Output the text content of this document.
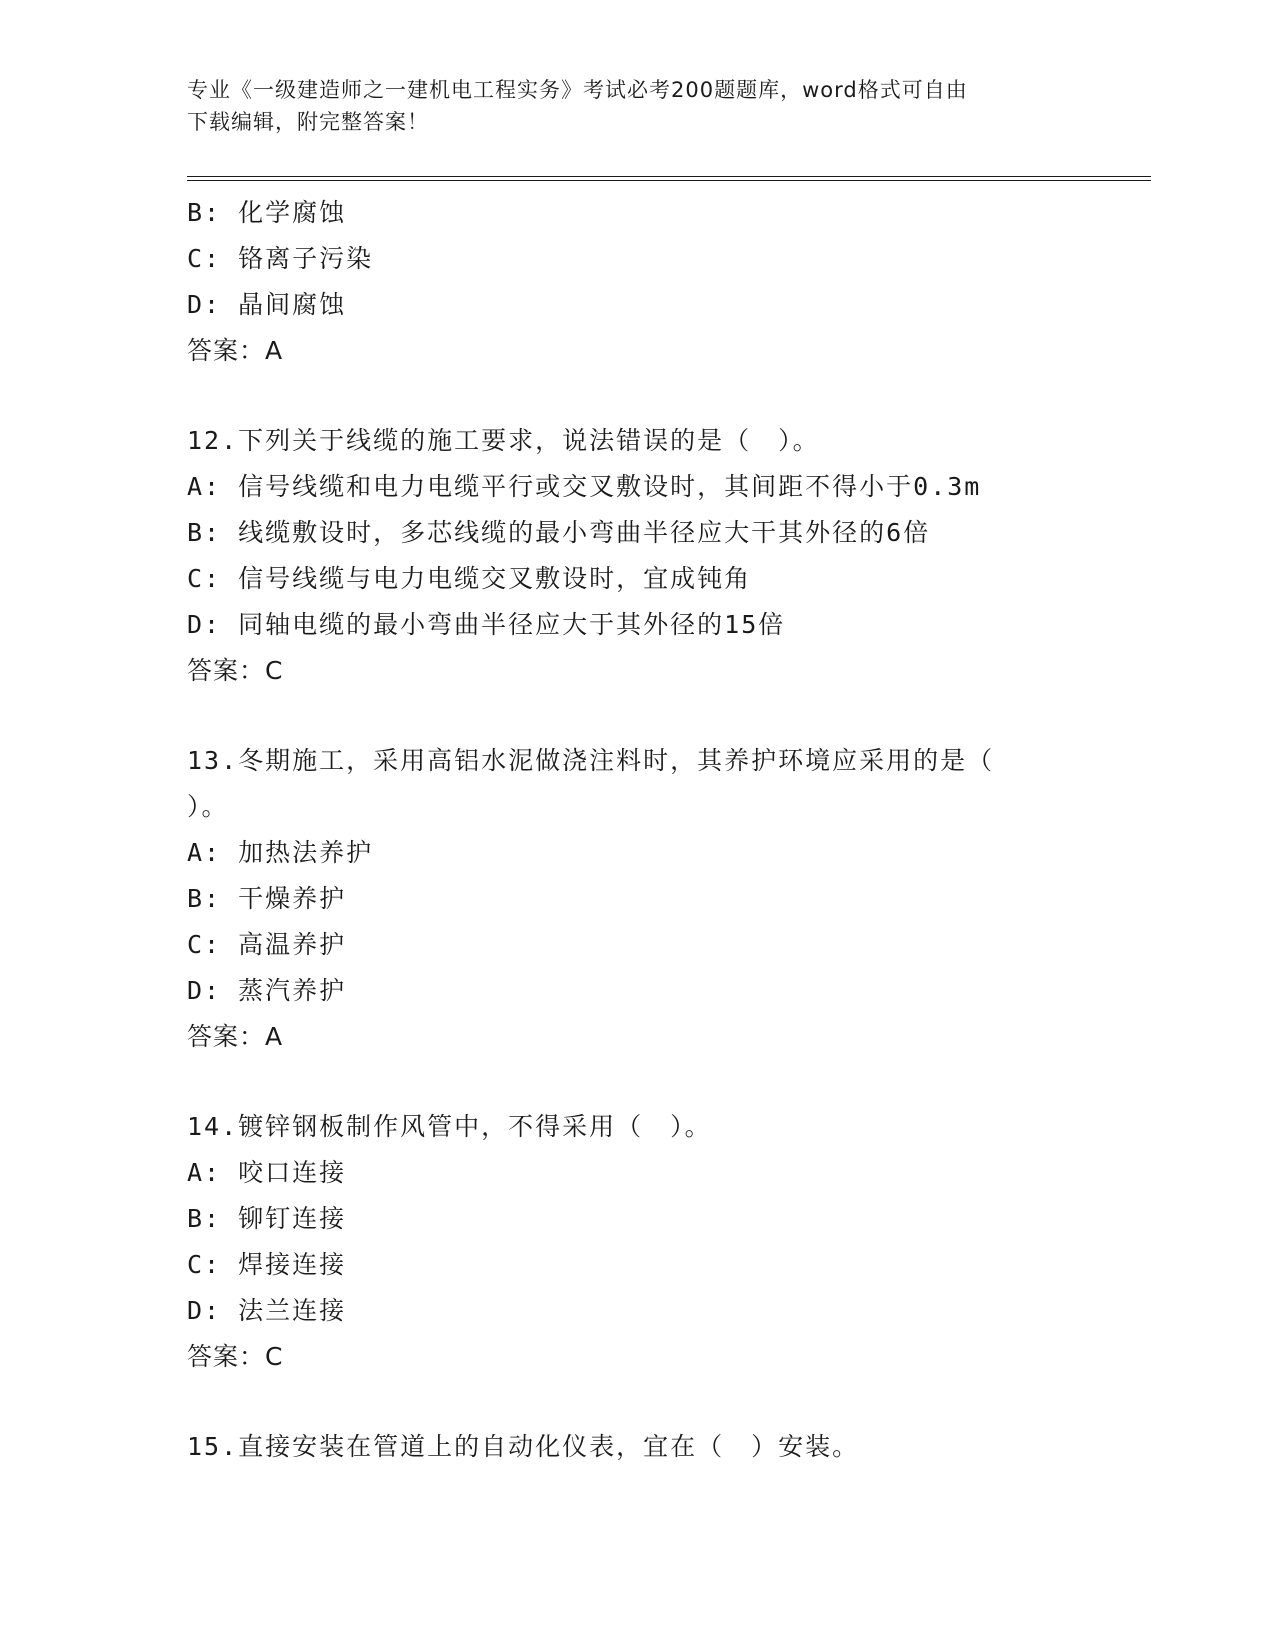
专业《一级建造师之一建机电工程实务》考试必考200题题库，word格式可自由
下载编辑，附完整答案！
B: 化学腐蚀
C: 铬离子污染
D: 晶间腐蚀
答案：A
12.下列关于线缆的施工要求，说法错误的是（　）。
A: 信号线缆和电力电缆平行或交叉敷设时，其间距不得小于0.3m
B: 线缆敷设时，多芯线缆的最小弯曲半径应大干其外径的6倍
C: 信号线缆与电力电缆交叉敷设时，宜成钝角
D: 同轴电缆的最小弯曲半径应大于其外径的15倍
答案：C
13.冬期施工，采用高铝水泥做浇注料时，其养护环境应采用的是（
）。
A: 加热法养护
B: 干燥养护
C: 高温养护
D: 蒸汽养护
答案：A
14.镀锌钢板制作风管中，不得采用（　）。
A: 咬口连接
B: 铆钉连接
C: 焊接连接
D: 法兰连接
答案：C
15.直接安装在管道上的自动化仪表，宜在（　）安装。
